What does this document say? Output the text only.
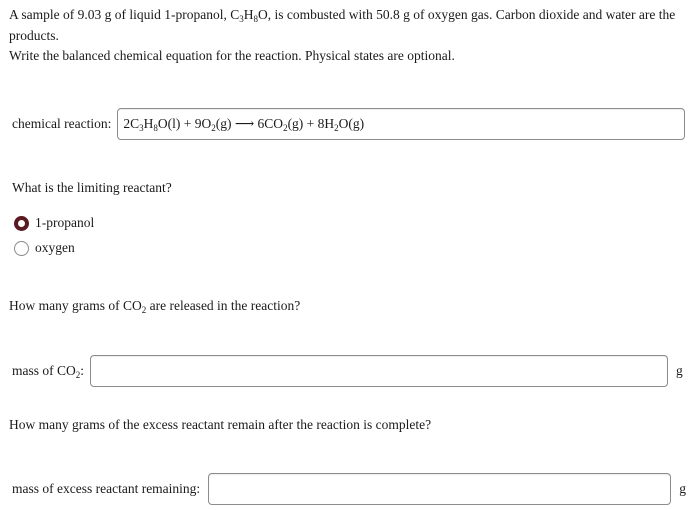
A sample of 9.03 g of liquid 1-propanol, $C_3H_8O$, is combusted with 50.8 g of oxygen gas. Carbon dioxide and water are the products.
Write the balanced chemical equation for the reaction. Physical states are optional.
chemical reaction: $2C_3H_8O(l) + 9O_2(g)$ ⟶ $6CO_2(g) + 8H_2O(g)$
What is the limiting reactant?
1-propanol
oxygen
How many grams of $CO_2$ are released in the reaction?
mass of $CO_2$:	g
How many grams of the excess reactant remain after the reaction is complete?
mass of excess reactant remaining:	g
